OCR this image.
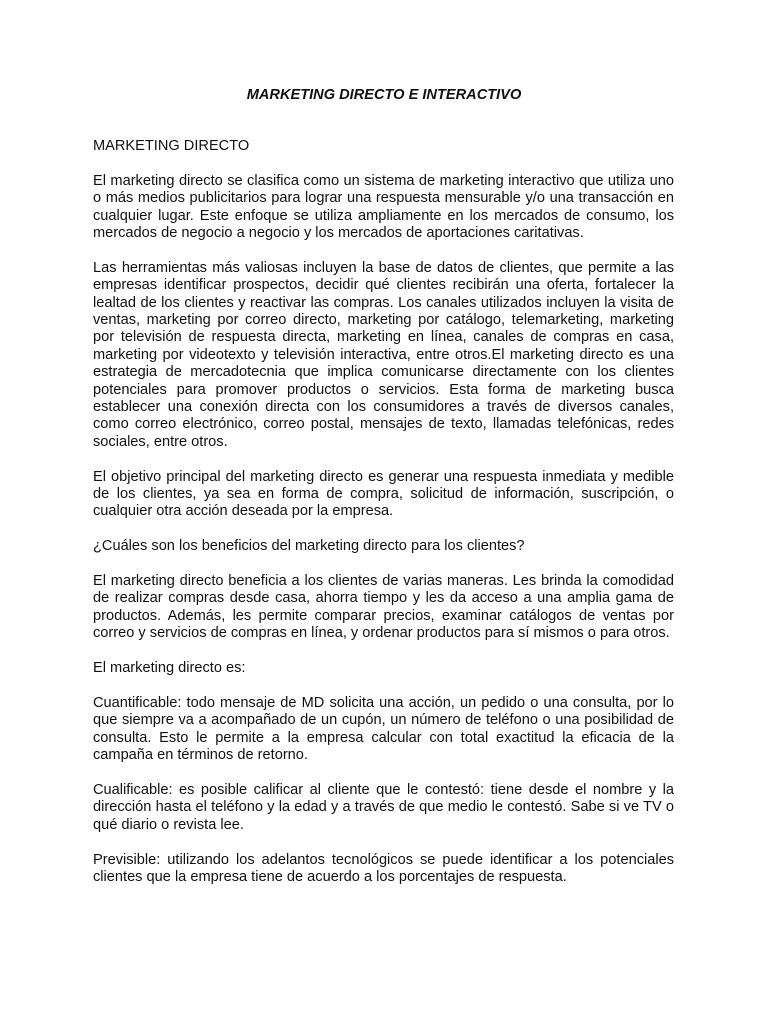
MARKETING DIRECTO E INTERACTIVO

MARKETING DIRECTO

El marketing directo se clasifica como un sistema de marketing interactivo que utiliza uno o más medios publicitarios para lograr una respuesta mensurable y/o una transacción en cualquier lugar. Este enfoque se utiliza ampliamente en los mercados de consumo, los mercados de negocio a negocio y los mercados de aportaciones caritativas.

Las herramientas más valiosas incluyen la base de datos de clientes, que permite a las empresas identificar prospectos, decidir qué clientes recibirán una oferta, fortalecer la lealtad de los clientes y reactivar las compras. Los canales utilizados incluyen la visita de ventas, marketing por correo directo, marketing por catálogo, telemarketing, marketing por televisión de respuesta directa, marketing en línea, canales de compras en casa, marketing por videotexto y televisión interactiva, entre otros.El marketing directo es una estrategia de mercadotecnia que implica comunicarse directamente con los clientes potenciales para promover productos o servicios. Esta forma de marketing busca establecer una conexión directa con los consumidores a través de diversos canales, como correo electrónico, correo postal, mensajes de texto, llamadas telefónicas, redes sociales, entre otros.

El objetivo principal del marketing directo es generar una respuesta inmediata y medible de los clientes, ya sea en forma de compra, solicitud de información, suscripción, o cualquier otra acción deseada por la empresa.

¿Cuáles son los beneficios del marketing directo para los clientes?

El marketing directo beneficia a los clientes de varias maneras. Les brinda la comodidad de realizar compras desde casa, ahorra tiempo y les da acceso a una amplia gama de productos. Además, les permite comparar precios, examinar catálogos de ventas por correo y servicios de compras en línea, y ordenar productos para sí mismos o para otros.

El marketing directo es:

Cuantificable: todo mensaje de MD solicita una acción, un pedido o una consulta, por lo que siempre va a acompañado de un cupón, un número de teléfono o una posibilidad de consulta. Esto le permite a la empresa calcular con total exactitud la eficacia de la campaña en términos de retorno.

Cualificable: es posible calificar al cliente que le contestó: tiene desde el nombre y la dirección hasta el teléfono y la edad y a través de que medio le contestó. Sabe si ve TV o qué diario o revista lee.

Previsible: utilizando los adelantos tecnológicos se puede identificar a los potenciales clientes que la empresa tiene de acuerdo a los porcentajes de respuesta.
